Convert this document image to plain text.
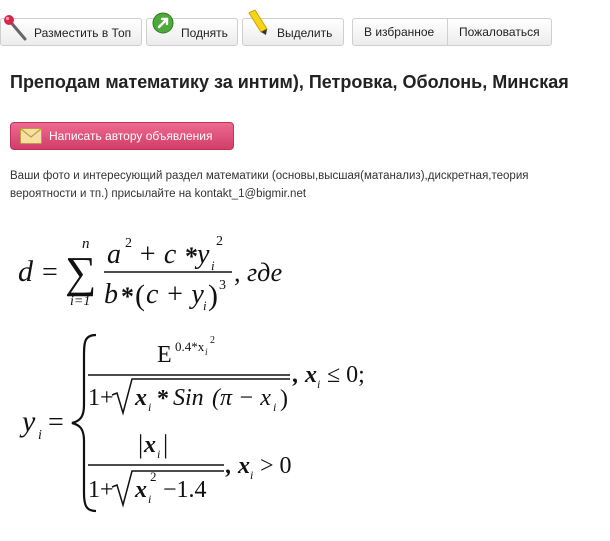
Разместить в Топ	Поднять	Выделить	В избранное Пожаловаться
Преподам математику за интим), Петровка, Оболонь, Минская
Написать автору объявления
Ваши фото и интересующий раздел математики (основы,высшая(матанализ),дискретная,теория вероятности и тп.) присылайте на kontakt_1@bigmir.net
d =
n
∑
i=1
a 2 + c * y i
2
b * ( c + y i ) 3 , где
y i =
E 0.4*x i
2
1+ x i * Sin (π − x i )
, x i ≤ 0;
| x i |
1+ x i
2
−1.4
, x i > 0
